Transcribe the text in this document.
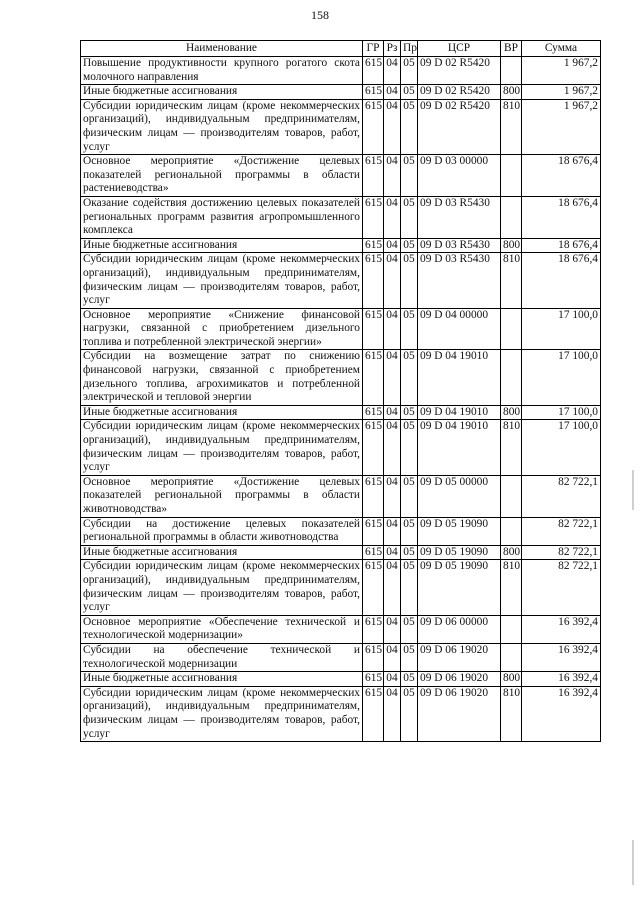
158
Наименование	ГР	Рз	Пр	ЦСР	ВР	Сумма
Повышение продуктивности крупного рогатого скота молочного направления	615	04	05	09 D 02 R5420		1 967,2
Иные бюджетные ассигнования	615	04	05	09 D 02 R5420	800	1 967,2
Субсидии юридическим лицам (кроме некоммерческих организаций), индивидуальным предпринимателям, физическим лицам — производителям товаров, работ, услуг	615	04	05	09 D 02 R5420	810	1 967,2
Основное мероприятие «Достижение целевых показателей региональной программы в области растениеводства»	615	04	05	09 D 03 00000		18 676,4
Оказание содействия достижению целевых показателей региональных программ развития агропромышленного комплекса	615	04	05	09 D 03 R5430		18 676,4
Иные бюджетные ассигнования	615	04	05	09 D 03 R5430	800	18 676,4
Субсидии юридическим лицам (кроме некоммерческих организаций), индивидуальным предпринимателям, физическим лицам — производителям товаров, работ, услуг	615	04	05	09 D 03 R5430	810	18 676,4
Основное мероприятие «Снижение финансовой нагрузки, связанной с приобретением дизельного топлива и потребленной электрической энергии»	615	04	05	09 D 04 00000		17 100,0
Субсидии на возмещение затрат по снижению финансовой нагрузки, связанной с приобретением дизельного топлива, агрохимикатов и потребленной электрической и тепловой энергии	615	04	05	09 D 04 19010		17 100,0
Иные бюджетные ассигнования	615	04	05	09 D 04 19010	800	17 100,0
Субсидии юридическим лицам (кроме некоммерческих организаций), индивидуальным предпринимателям, физическим лицам — производителям товаров, работ, услуг	615	04	05	09 D 04 19010	810	17 100,0
Основное мероприятие «Достижение целевых показателей региональной программы в области животноводства»	615	04	05	09 D 05 00000		82 722,1
Субсидии на достижение целевых показателей региональной программы в области животноводства	615	04	05	09 D 05 19090		82 722,1
Иные бюджетные ассигнования	615	04	05	09 D 05 19090	800	82 722,1
Субсидии юридическим лицам (кроме некоммерческих организаций), индивидуальным предпринимателям, физическим лицам — производителям товаров, работ, услуг	615	04	05	09 D 05 19090	810	82 722,1
Основное мероприятие «Обеспечение технической и технологической модернизации»	615	04	05	09 D 06 00000		16 392,4
Субсидии на обеспечение технической и технологической модернизации	615	04	05	09 D 06 19020		16 392,4
Иные бюджетные ассигнования	615	04	05	09 D 06 19020	800	16 392,4
Субсидии юридическим лицам (кроме некоммерческих организаций), индивидуальным предпринимателям, физическим лицам — производителям товаров, работ, услуг	615	04	05	09 D 06 19020	810	16 392,4
